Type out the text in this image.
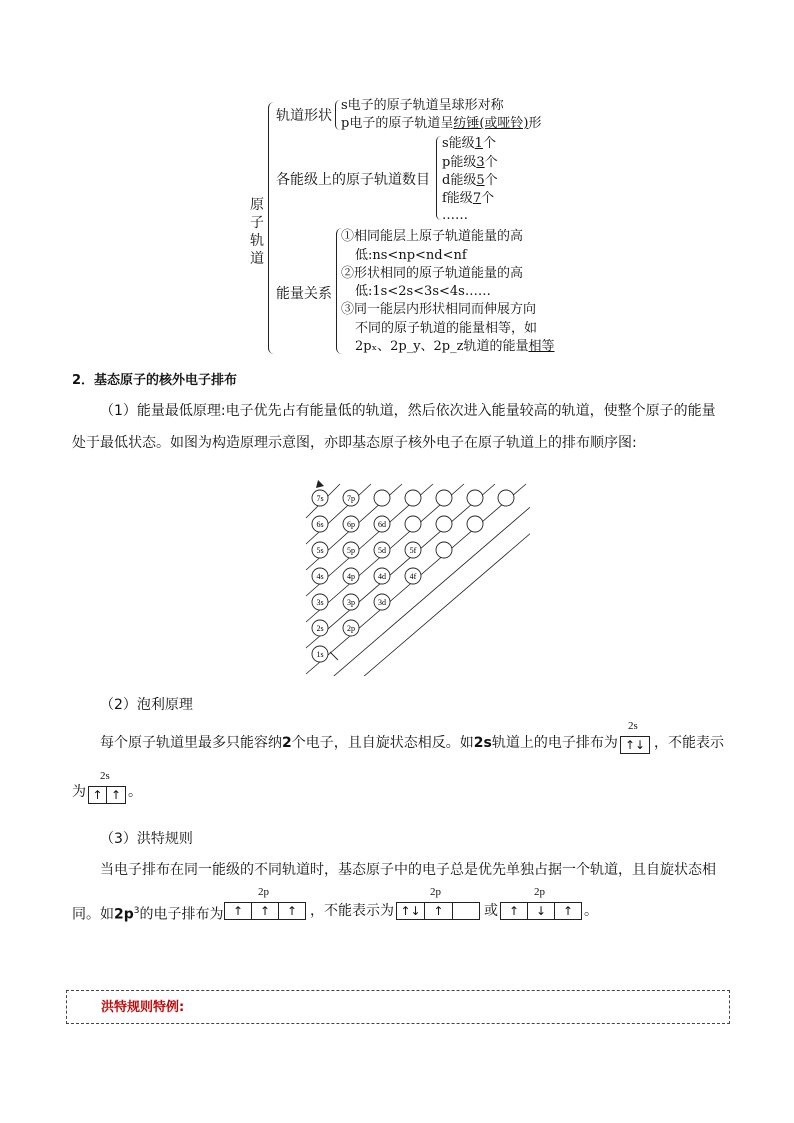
原
子
轨
道
轨道形状
s电子的原子轨道呈球形对称
p电子的原子轨道呈纺锤(或哑铃)形
各能级上的原子轨道数目
s能级1个
p能级3个
d能级5个
f能级7个
……
能量关系
①相同能层上原子轨道能量的高
低:ns<np<nd<nf
②形状相同的原子轨道能量的高
低:1s<2s<3s<4s……
③同一能层内形状相同而伸展方向
不同的原子轨道的能量相等，如
2pₓ、2p_y、2p_z轨道的能量相等
2．基态原子的核外电子排布
（1）能量最低原理:电子优先占有能量低的轨道，然后依次进入能量较高的轨道，使整个原子的能量
处于最低状态。如图为构造原理示意图，亦即基态原子核外电子在原子轨道上的排布顺序图:
7s	7p
6s	6p	6d
5s	5p	5d	5f
4s	4p	4d	4f
3s	3p	3d
2s	2p
1s
（2）泡利原理
每个原子轨道里最多只能容纳2个电子，且自旋状态相反。如2s轨道上的电子排布为
2s
↑↓ ，不能表示
2s
为 ↑ ↑ 。
（3）洪特规则
当电子排布在同一能级的不同轨道时，基态原子中的电子总是优先单独占据一个轨道，且自旋状态相
同。如$2p^3$的电子排布为
2p
↑	↑	↑ ，不能表示为
2p
↑↓	↑	或
2p
↑	↓	↑ 。
洪特规则特例:
